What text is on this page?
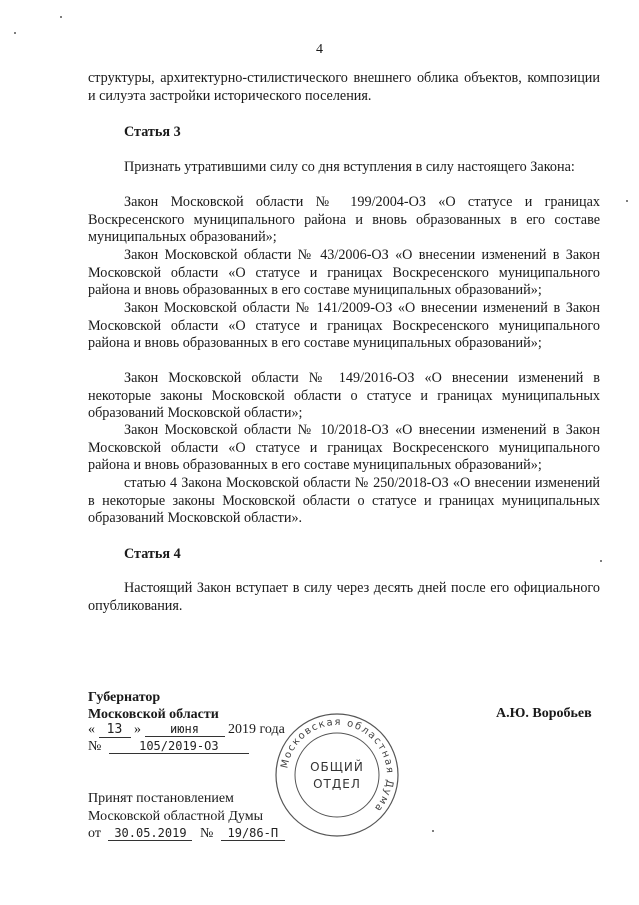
4
структуры, архитектурно-стилистического внешнего облика объектов, композиции и силуэта застройки исторического поселения.
Статья 3
Признать утратившими силу со дня вступления в силу настоящего Закона:
Закон Московской области № 199/2004-ОЗ «О статусе и границах Воскресенского муниципального района и вновь образованных в его составе муниципальных образований»;
Закон Московской области № 43/2006-ОЗ «О внесении изменений в Закон Московской области «О статусе и границах Воскресенского муниципального района и вновь образованных в его составе муниципальных образований»;
Закон Московской области № 141/2009-ОЗ «О внесении изменений в Закон Московской области «О статусе и границах Воскресенского муниципального района и вновь образованных в его составе муниципальных образований»;
Закон Московской области № 149/2016-ОЗ «О внесении изменений в некоторые законы Московской области о статусе и границах муниципальных образований Московской области»;
Закон Московской области № 10/2018-ОЗ «О внесении изменений в Закон Московской области «О статусе и границах Воскресенского муниципального района и вновь образованных в его составе муниципальных образований»;
статью 4 Закона Московской области № 250/2018-ОЗ «О внесении изменений в некоторые законы Московской области о статусе и границах муниципальных образований Московской области».
Статья 4
Настоящий Закон вступает в силу через десять дней после его официального опубликования.
Губернатор
Московской области	А.Ю. Воробьев
« 13 » июня 2019 года
№	105/2019-ОЗ
Принят постановлением
Московской областной Думы
от 30.05.2019 № 19/86-П
Московская областная Дума
ОБЩИЙ
ОТДЕЛ
